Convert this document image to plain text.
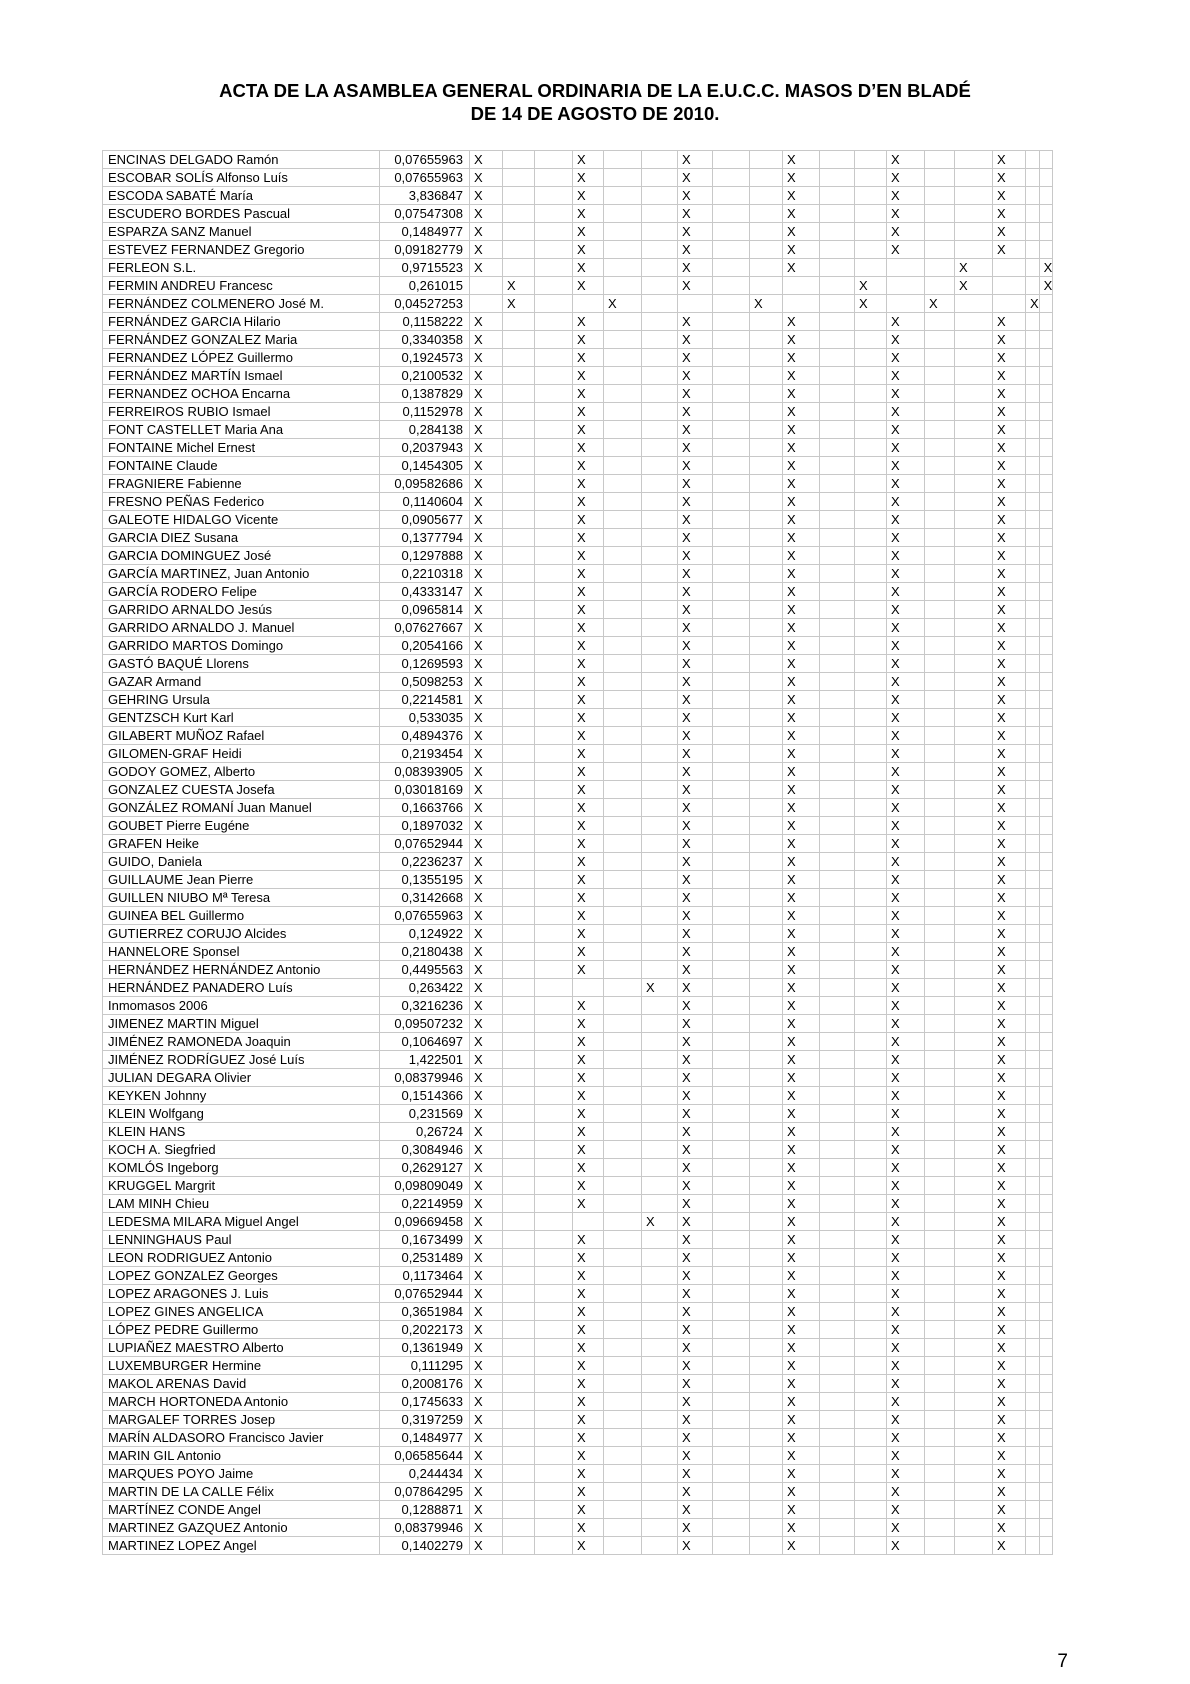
ACTA DE LA ASAMBLEA GENERAL ORDINARIA DE LA E.U.C.C. MASOS D’EN BLADÉ
DE 14 DE AGOSTO DE 2010.
ENCINAS DELGADO Ramón	0,07655963	X			X			X			X			X			X		
ESCOBAR SOLÍS Alfonso Luís	0,07655963	X			X			X			X			X			X		
ESCODA SABATÉ María	3,836847	X			X			X			X			X			X		
ESCUDERO BORDES Pascual	0,07547308	X			X			X			X			X			X		
ESPARZA SANZ Manuel	0,1484977	X			X			X			X			X			X		
ESTEVEZ FERNANDEZ Gregorio	0,09182779	X			X			X			X			X			X		
FERLEON S.L.	0,9715523	X			X			X			X					X			X
FERMIN ANDREU Francesc	0,261015		X		X			X					X			X			X
FERNÁNDEZ COLMENERO José M.	0,04527253		X			X				X			X		X			X	
FERNÁNDEZ GARCIA Hilario	0,1158222	X			X			X			X			X			X		
FERNÁNDEZ GONZALEZ Maria	0,3340358	X			X			X			X			X			X		
FERNANDEZ LÓPEZ Guillermo	0,1924573	X			X			X			X			X			X		
FERNÁNDEZ MARTÍN Ismael	0,2100532	X			X			X			X			X			X		
FERNANDEZ OCHOA Encarna	0,1387829	X			X			X			X			X			X		
FERREIROS RUBIO Ismael	0,1152978	X			X			X			X			X			X		
FONT CASTELLET Maria Ana	0,284138	X			X			X			X			X			X		
FONTAINE Michel Ernest	0,2037943	X			X			X			X			X			X		
FONTAINE Claude	0,1454305	X			X			X			X			X			X		
FRAGNIERE Fabienne	0,09582686	X			X			X			X			X			X		
FRESNO PEÑAS Federico	0,1140604	X			X			X			X			X			X		
GALEOTE HIDALGO Vicente	0,0905677	X			X			X			X			X			X		
GARCIA DIEZ Susana	0,1377794	X			X			X			X			X			X		
GARCIA DOMINGUEZ José	0,1297888	X			X			X			X			X			X		
GARCÍA MARTINEZ, Juan Antonio	0,2210318	X			X			X			X			X			X		
GARCÍA RODERO Felipe	0,4333147	X			X			X			X			X			X		
GARRIDO ARNALDO Jesús	0,0965814	X			X			X			X			X			X		
GARRIDO ARNALDO J. Manuel	0,07627667	X			X			X			X			X			X		
GARRIDO MARTOS Domingo	0,2054166	X			X			X			X			X			X		
GASTÓ BAQUÉ Llorens	0,1269593	X			X			X			X			X			X		
GAZAR Armand	0,5098253	X			X			X			X			X			X		
GEHRING Ursula	0,2214581	X			X			X			X			X			X		
GENTZSCH Kurt Karl	0,533035	X			X			X			X			X			X		
GILABERT MUÑOZ Rafael	0,4894376	X			X			X			X			X			X		
GILOMEN-GRAF Heidi	0,2193454	X			X			X			X			X			X		
GODOY GOMEZ, Alberto	0,08393905	X			X			X			X			X			X		
GONZALEZ CUESTA Josefa	0,03018169	X			X			X			X			X			X		
GONZÁLEZ ROMANÍ Juan Manuel	0,1663766	X			X			X			X			X			X		
GOUBET Pierre Eugéne	0,1897032	X			X			X			X			X			X		
GRAFEN Heike	0,07652944	X			X			X			X			X			X		
GUIDO, Daniela	0,2236237	X			X			X			X			X			X		
GUILLAUME Jean Pierre	0,1355195	X			X			X			X			X			X		
GUILLEN NIUBO Mª Teresa	0,3142668	X			X			X			X			X			X		
GUINEA BEL Guillermo	0,07655963	X			X			X			X			X			X		
GUTIERREZ CORUJO Alcides	0,124922	X			X			X			X			X			X		
HANNELORE Sponsel	0,2180438	X			X			X			X			X			X		
HERNÁNDEZ HERNÁNDEZ Antonio	0,4495563	X			X			X			X			X			X		
HERNÁNDEZ PANADERO Luís	0,263422	X					X	X			X			X			X		
Inmomasos 2006	0,3216236	X			X			X			X			X			X		
JIMENEZ MARTIN Miguel	0,09507232	X			X			X			X			X			X		
JIMÉNEZ RAMONEDA Joaquin	0,1064697	X			X			X			X			X			X		
JIMÉNEZ RODRÍGUEZ José Luís	1,422501	X			X			X			X			X			X		
JULIAN DEGARA Olivier	0,08379946	X			X			X			X			X			X		
KEYKEN Johnny	0,1514366	X			X			X			X			X			X		
KLEIN Wolfgang	0,231569	X			X			X			X			X			X		
KLEIN HANS	0,26724	X			X			X			X			X			X		
KOCH A. Siegfried	0,3084946	X			X			X			X			X			X		
KOMLÓS Ingeborg	0,2629127	X			X			X			X			X			X		
KRUGGEL Margrit	0,09809049	X			X			X			X			X			X		
LAM MINH Chieu	0,2214959	X			X			X			X			X			X		
LEDESMA MILARA Miguel Angel	0,09669458	X					X	X			X			X			X		
LENNINGHAUS Paul	0,1673499	X			X			X			X			X			X		
LEON RODRIGUEZ Antonio	0,2531489	X			X			X			X			X			X		
LOPEZ GONZALEZ Georges	0,1173464	X			X			X			X			X			X		
LOPEZ ARAGONES J. Luis	0,07652944	X			X			X			X			X			X		
LOPEZ GINES ANGELICA	0,3651984	X			X			X			X			X			X		
LÓPEZ PEDRE Guillermo	0,2022173	X			X			X			X			X			X		
LUPIAÑEZ MAESTRO Alberto	0,1361949	X			X			X			X			X			X		
LUXEMBURGER Hermine	0,111295	X			X			X			X			X			X		
MAKOL ARENAS David	0,2008176	X			X			X			X			X			X		
MARCH HORTONEDA Antonio	0,1745633	X			X			X			X			X			X		
MARGALEF TORRES Josep	0,3197259	X			X			X			X			X			X		
MARÍN ALDASORO Francisco Javier	0,1484977	X			X			X			X			X			X		
MARIN GIL Antonio	0,06585644	X			X			X			X			X			X		
MARQUES POYO Jaime	0,244434	X			X			X			X			X			X		
MARTIN DE LA CALLE Félix	0,07864295	X			X			X			X			X			X		
MARTÍNEZ CONDE Angel	0,1288871	X			X			X			X			X			X		
MARTINEZ GAZQUEZ Antonio	0,08379946	X			X			X			X			X			X		
MARTINEZ LOPEZ Angel	0,1402279	X			X			X			X			X			X		
7
